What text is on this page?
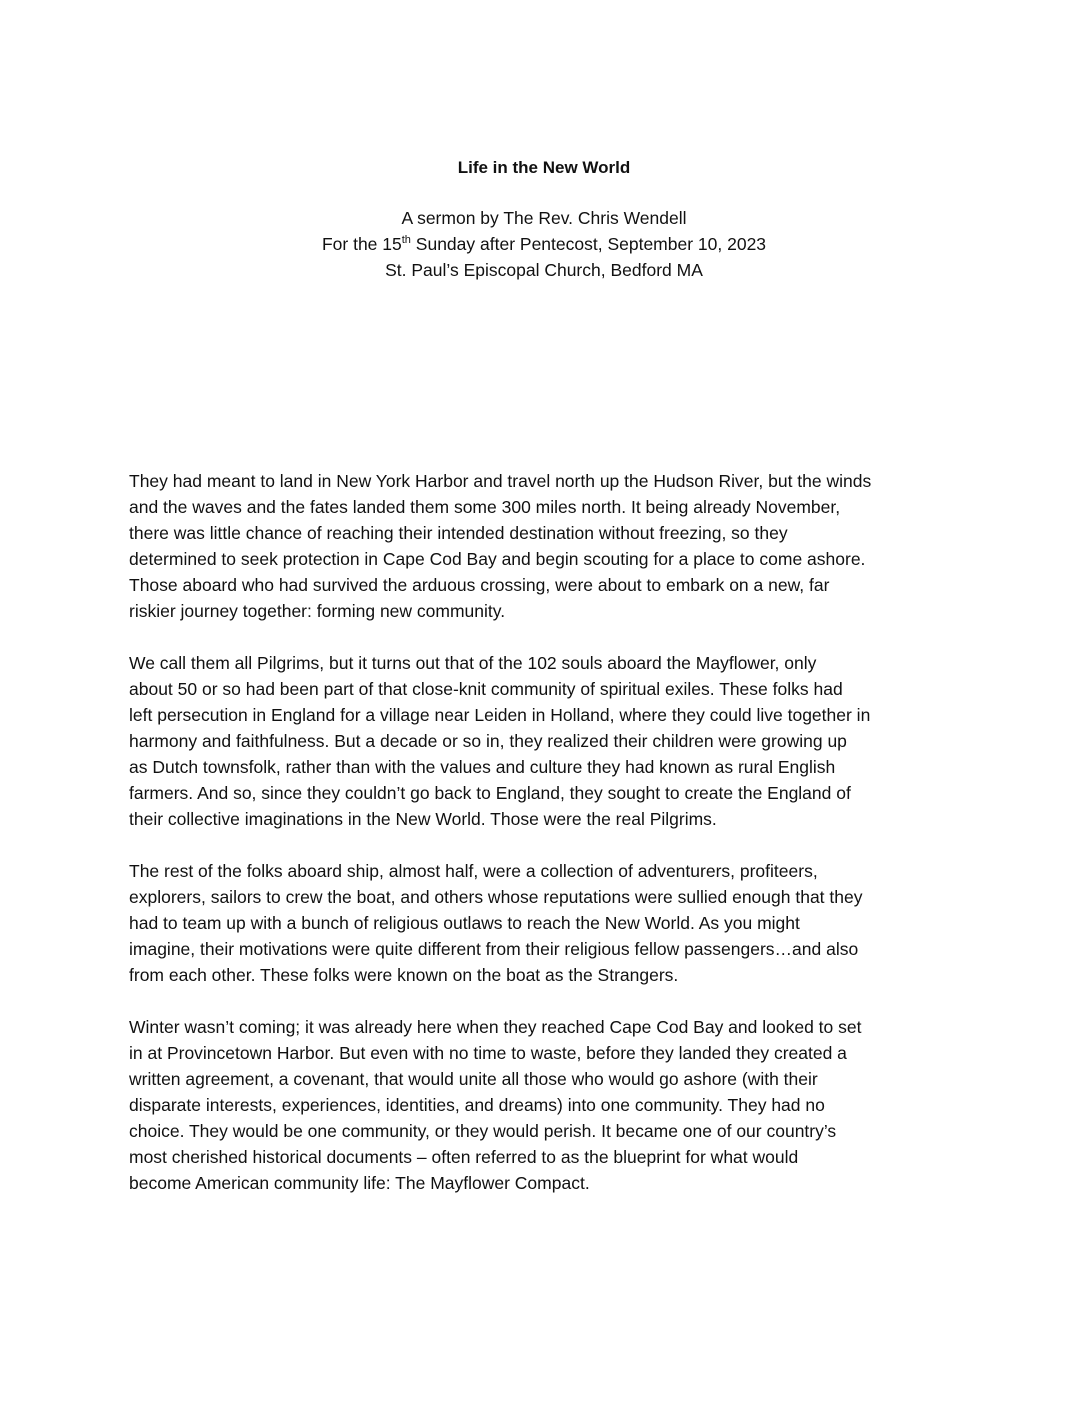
Life in the New World
A sermon by The Rev. Chris Wendell
For the 15th Sunday after Pentecost, September 10, 2023
St. Paul’s Episcopal Church, Bedford MA

They had meant to land in New York Harbor and travel north up the Hudson River, but the winds
and the waves and the fates landed them some 300 miles north. It being already November,
there was little chance of reaching their intended destination without freezing, so they
determined to seek protection in Cape Cod Bay and begin scouting for a place to come ashore.
Those aboard who had survived the arduous crossing, were about to embark on a new, far
riskier journey together: forming new community.

We call them all Pilgrims, but it turns out that of the 102 souls aboard the Mayflower, only
about 50 or so had been part of that close-knit community of spiritual exiles. These folks had
left persecution in England for a village near Leiden in Holland, where they could live together in
harmony and faithfulness. But a decade or so in, they realized their children were growing up
as Dutch townsfolk, rather than with the values and culture they had known as rural English
farmers. And so, since they couldn’t go back to England, they sought to create the England of
their collective imaginations in the New World. Those were the real Pilgrims.

The rest of the folks aboard ship, almost half, were a collection of adventurers, profiteers,
explorers, sailors to crew the boat, and others whose reputations were sullied enough that they
had to team up with a bunch of religious outlaws to reach the New World. As you might
imagine, their motivations were quite different from their religious fellow passengers…and also
from each other. These folks were known on the boat as the Strangers.

Winter wasn’t coming; it was already here when they reached Cape Cod Bay and looked to set
in at Provincetown Harbor. But even with no time to waste, before they landed they created a
written agreement, a covenant, that would unite all those who would go ashore (with their
disparate interests, experiences, identities, and dreams) into one community. They had no
choice. They would be one community, or they would perish. It became one of our country’s
most cherished historical documents – often referred to as the blueprint for what would
become American community life: The Mayflower Compact.
